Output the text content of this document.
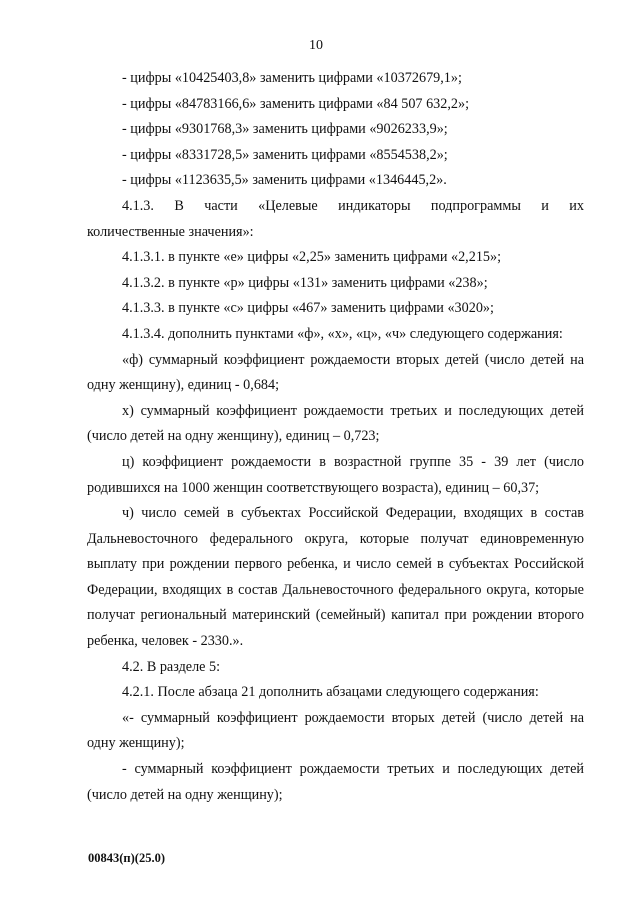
10

- цифры «10425403,8» заменить цифрами «10372679,1»;

- цифры «84783166,6» заменить цифрами «84 507 632,2»;

- цифры «9301768,3» заменить цифрами «9026233,9»;

- цифры «8331728,5» заменить цифрами «8554538,2»;

- цифры «1123635,5» заменить цифрами «1346445,2».

4.1.3. В части «Целевые индикаторы подпрограммы и их

количественные значения»:

4.1.3.1. в пункте «е» цифры «2,25» заменить цифрами «2,215»;

4.1.3.2. в пункте «р» цифры «131» заменить цифрами «238»;

4.1.3.3. в пункте «с» цифры «467» заменить цифрами «3020»;

4.1.3.4. дополнить пунктами «ф», «х», «ц», «ч» следующего содержания:

«ф) суммарный коэффициент рождаемости вторых детей (число детей на одну женщину), единиц - 0,684;

х) суммарный коэффициент рождаемости третьих и последующих детей (число детей на одну женщину), единиц – 0,723;

ц) коэффициент рождаемости в возрастной группе 35 - 39 лет (число родившихся на 1000 женщин соответствующего возраста), единиц – 60,37;

ч) число семей в субъектах Российской Федерации, входящих в состав Дальневосточного федерального округа, которые получат единовременную выплату при рождении первого ребенка, и число семей в субъектах Российской Федерации, входящих в состав Дальневосточного федерального округа, которые получат региональный материнский (семейный) капитал при рождении второго ребенка, человек - 2330.».

4.2. В разделе 5:

4.2.1. После абзаца 21 дополнить абзацами следующего содержания:

«- суммарный коэффициент рождаемости вторых детей (число детей на одну женщину);

- суммарный коэффициент рождаемости третьих и последующих детей (число детей на одну женщину);

00843(п)(25.0)
